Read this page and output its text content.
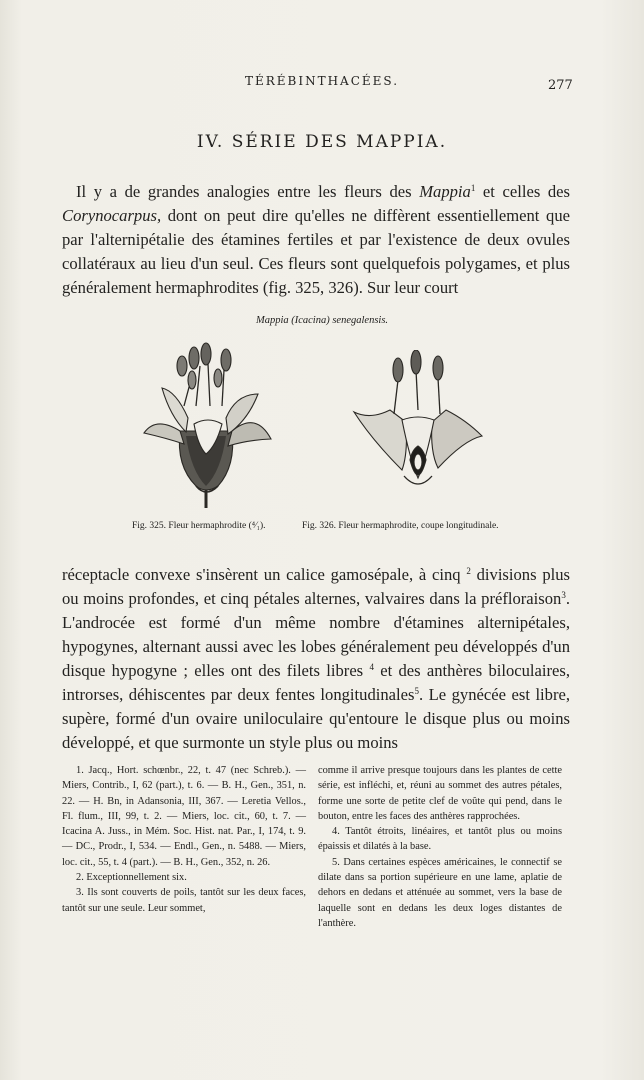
TÉRÉBINTHACÉES.	277
IV. SÉRIE DES MAPPIA.

Il y a de grandes analogies entre les fleurs des Mappia$^1$ et celles des Corynocarpus, dont on peut dire qu'elles ne diffèrent essentiellement que par l'alternipétalie des étamines fertiles et par l'existence de deux ovules collatéraux au lieu d'un seul. Ces fleurs sont quelquefois polygames, et plus généralement hermaphrodites (fig. 325, 326). Sur leur court

Mappia (Icacina) senegalensis.
Fig. 325. Fleur hermaphrodite (⁴⁄₁).	Fig. 326. Fleur hermaphrodite, coupe longitudinale.

réceptacle convexe s'insèrent un calice gamosépale, à cinq $^2$ divisions plus ou moins profondes, et cinq pétales alternes, valvaires dans la préfloraison$^3$. L'androcée est formé d'un même nombre d'étamines alternipétales, hypogynes, alternant aussi avec les lobes généralement peu développés d'un disque hypogyne ; elles ont des filets libres $^4$ et des anthères biloculaires, introrses, déhiscentes par deux fentes longitudinales$^5$. Le gynécée est libre, supère, formé d'un ovaire uniloculaire qu'entoure le disque plus ou moins développé, et que surmonte un style plus ou moins

1. Jacq., Hort. schœnbr., 22, t. 47 (nec Schreb.). — Miers, Contrib., I, 62 (part.), t. 6. — B. H., Gen., 351, n. 22. — H. Bn, in Adansonia, III, 367. — Leretia Vellos., Fl. flum., III, 99, t. 2. — Miers, loc. cit., 60, t. 7. — Icacina A. Juss., in Mém. Soc. Hist. nat. Par., I, 174, t. 9. — DC., Prodr., I, 534. — Endl., Gen., n. 5488. — Miers, loc. cit., 55, t. 4 (part.). — B. H., Gen., 352, n. 26.

2. Exceptionnellement six.

3. Ils sont couverts de poils, tantôt sur les deux faces, tantôt sur une seule. Leur sommet,

comme il arrive presque toujours dans les plantes de cette série, est infléchi, et, réuni au sommet des autres pétales, forme une sorte de petite clef de voûte qui pend, dans le bouton, entre les faces des anthères rapprochées.

4. Tantôt étroits, linéaires, et tantôt plus ou moins épaissis et dilatés à la base.

5. Dans certaines espèces américaines, le connectif se dilate dans sa portion supérieure en une lame, aplatie de dehors en dedans et atténuée au sommet, vers la base de laquelle sont en dedans les deux loges distantes de l'anthère.
